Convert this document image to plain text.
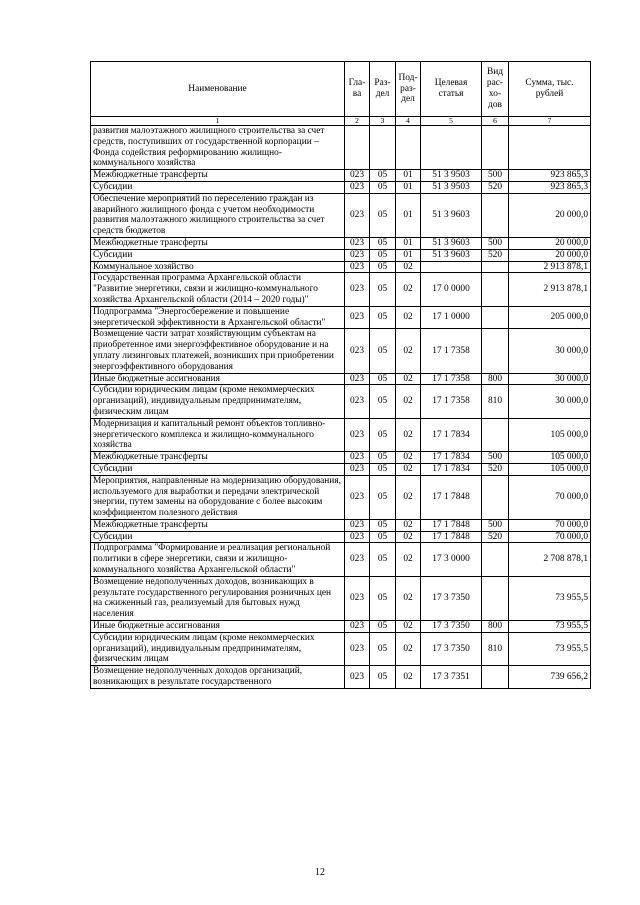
Наименование	Гла-ва	Раз-дел	Под-раз-дел	Целевая статья	Вид рас-хо-дов	Сумма, тыс. рублей
1	2	3	4	5	6	7
развития малоэтажного жилищного строительства за счет средств, поступивших от государственной корпорации – Фонда содействия реформированию жилищно-коммунального хозяйства						
Межбюджетные трансферты	023	05	01	51 3 9503	500	923 865,3
Субсидии	023	05	01	51 3 9503	520	923 865,3
Обеспечение мероприятий по переселению граждан из аварийного жилищного фонда с учетом необходимости развития малоэтажного жилищного строительства за счет средств бюджетов	023	05	01	51 3 9603		20 000,0
Межбюджетные трансферты	023	05	01	51 3 9603	500	20 000,0
Субсидии	023	05	01	51 3 9603	520	20 000,0
Коммунальное хозяйство	023	05	02			2 913 878,1
Государственная программа Архангельской области "Развитие энергетики, связи и жилищно-коммунального хозяйства Архангельской области (2014 – 2020 годы)"	023	05	02	17 0 0000		2 913 878,1
Подпрограмма "Энергосбережение и повышение энергетической эффективности в Архангельской области"	023	05	02	17 1 0000		205 000,0
Возмещение части затрат хозяйствующим субъектам на приобретенное ими энергоэффективное оборудование и на уплату лизинговых платежей, возникших при приобретении энергоэффективного оборудования	023	05	02	17 1 7358		30 000,0
Иные бюджетные ассигнования	023	05	02	17 1 7358	800	30 000,0
Субсидии юридическим лицам (кроме некоммерческих организаций), индивидуальным предпринимателям, физическим лицам	023	05	02	17 1 7358	810	30 000,0
Модернизация и капитальный ремонт объектов топливно-энергетического комплекса и жилищно-коммунального хозяйства	023	05	02	17 1 7834		105 000,0
Межбюджетные трансферты	023	05	02	17 1 7834	500	105 000,0
Субсидии	023	05	02	17 1 7834	520	105 000,0
Мероприятия, направленные на модернизацию оборудования, используемого для выработки и передачи электрической энергии, путем замены на оборудование с более высоким коэффициентом полезного действия	023	05	02	17 1 7848		70 000,0
Межбюджетные трансферты	023	05	02	17 1 7848	500	70 000,0
Субсидии	023	05	02	17 1 7848	520	70 000,0
Подпрограмма "Формирование и реализация региональной политики в сфере энергетики, связи и жилищно-коммунального хозяйства Архангельской области"	023	05	02	17 3 0000		2 708 878,1
Возмещение недополученных доходов, возникающих в результате государственного регулирования розничных цен на сжиженный газ, реализуемый для бытовых нужд населения	023	05	02	17 3 7350		73 955,5
Иные бюджетные ассигнования	023	05	02	17 3 7350	800	73 955,5
Субсидии юридическим лицам (кроме некоммерческих организаций), индивидуальным предпринимателям, физическим лицам	023	05	02	17 3 7350	810	73 955,5
Возмещение недополученных доходов организаций, возникающих в результате государственного	023	05	02	17 3 7351		739 656,2
12
